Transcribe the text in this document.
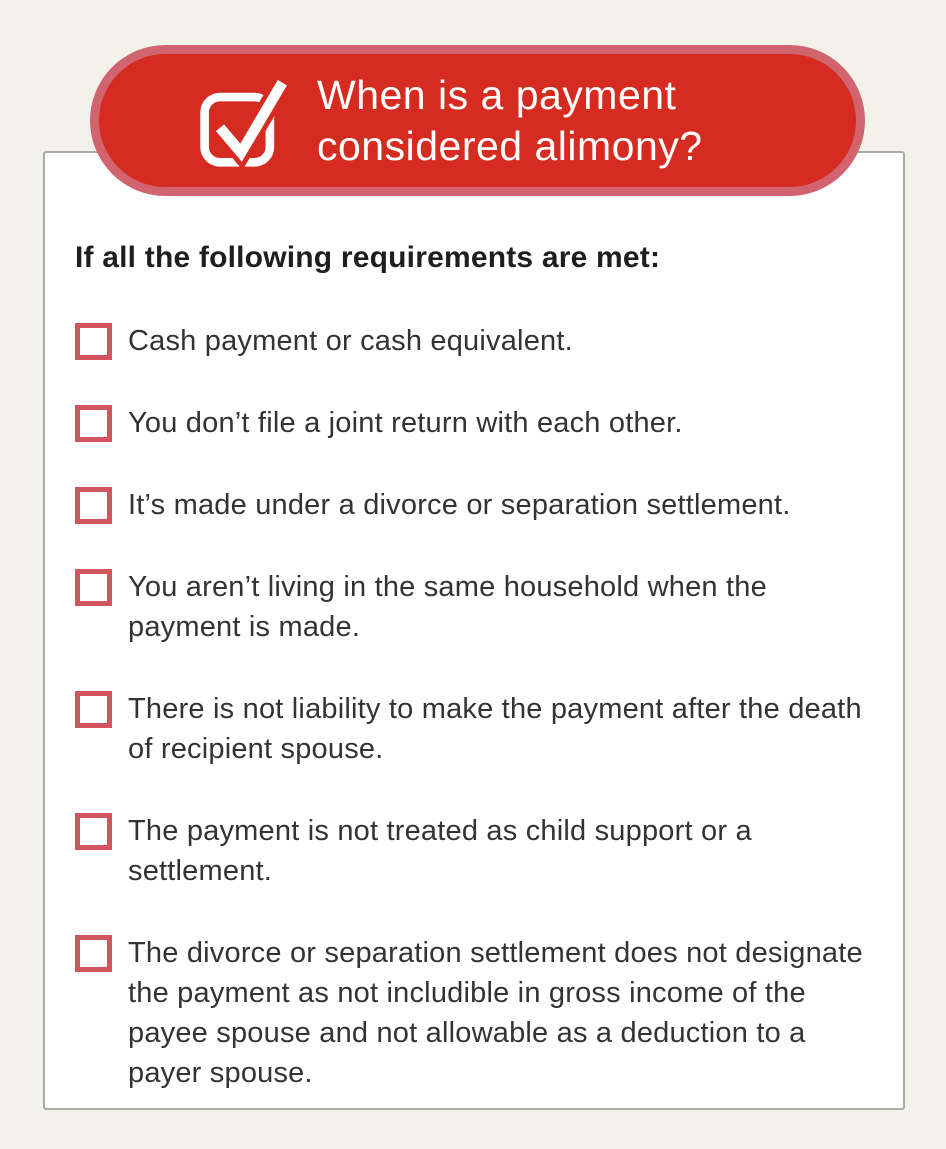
If all the following requirements are met:
Cash payment or cash equivalent.
You don’t file a joint return with each other.
It’s made under a divorce or separation settlement.
You aren’t living in the same household when the payment is made.
There is not liability to make the payment after the death of recipient spouse.
The payment is not treated as child support or a settlement.
The divorce or separation settlement does not designate the payment as not includible in gross income of the payee spouse and not allowable as a deduction to a payer spouse.
When is a payment
considered alimony?
